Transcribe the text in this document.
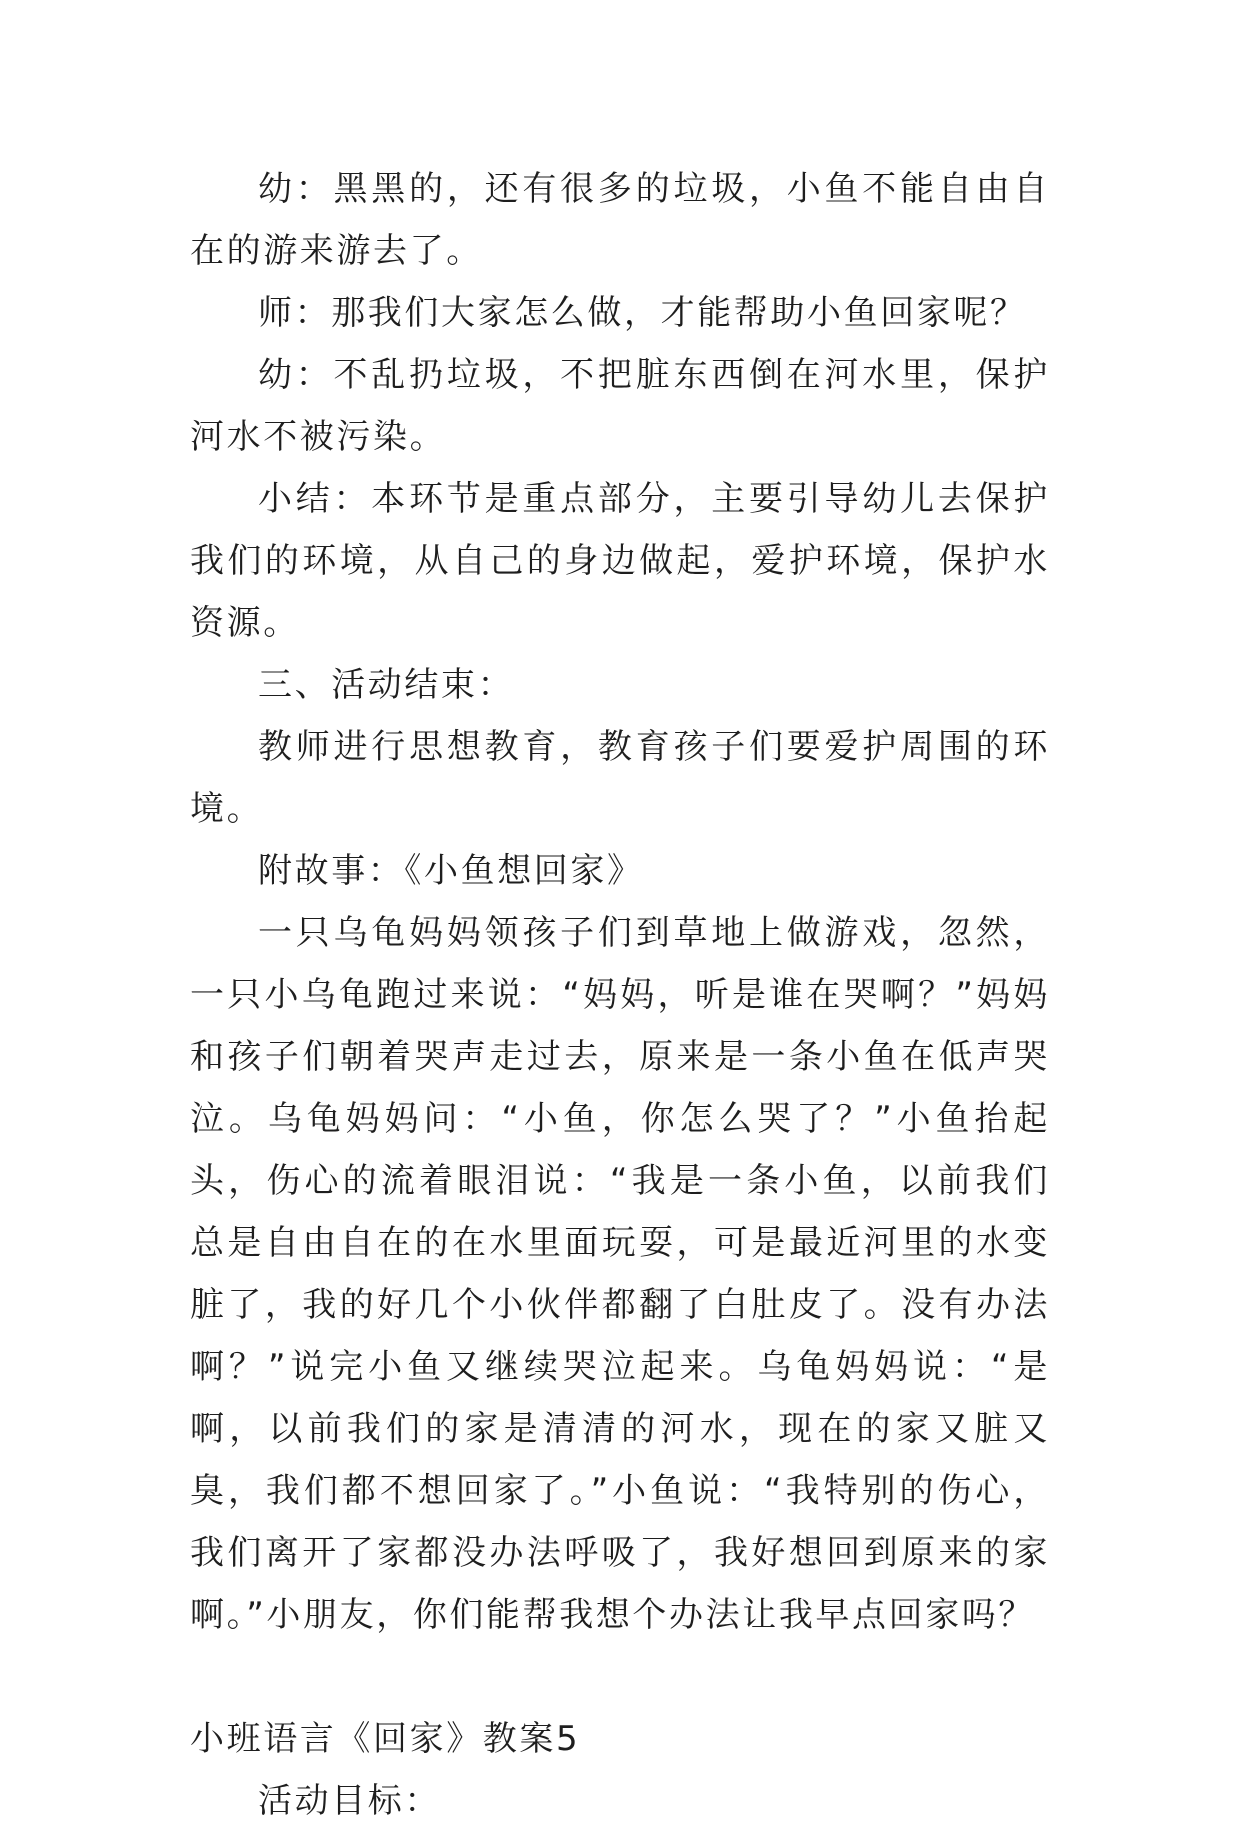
幼：黑黑的，还有很多的垃圾，小鱼不能自由自在的游来游去了。

师：那我们大家怎么做，才能帮助小鱼回家呢？

幼：不乱扔垃圾，不把脏东西倒在河水里，保护河水不被污染。

小结：本环节是重点部分，主要引导幼儿去保护我们的环境，从自己的身边做起，爱护环境，保护水资源。

三、活动结束：

教师进行思想教育，教育孩子们要爱护周围的环境。

附故事：《小鱼想回家》

一只乌龟妈妈领孩子们到草地上做游戏，忽然，一只小乌龟跑过来说：“妈妈，听是谁在哭啊？”妈妈和孩子们朝着哭声走过去，原来是一条小鱼在低声哭泣。乌龟妈妈问：“小鱼，你怎么哭了？”小鱼抬起头，伤心的流着眼泪说：“我是一条小鱼，以前我们总是自由自在的在水里面玩耍，可是最近河里的水变脏了，我的好几个小伙伴都翻了白肚皮了。没有办法啊？”说完小鱼又继续哭泣起来。乌龟妈妈说：“是啊，以前我们的家是清清的河水，现在的家又脏又臭，我们都不想回家了。”小鱼说：“我特别的伤心，我们离开了家都没办法呼吸了，我好想回到原来的家啊。”小朋友，你们能帮我想个办法让我早点回家吗？

小班语言《回家》教案5

活动目标：
